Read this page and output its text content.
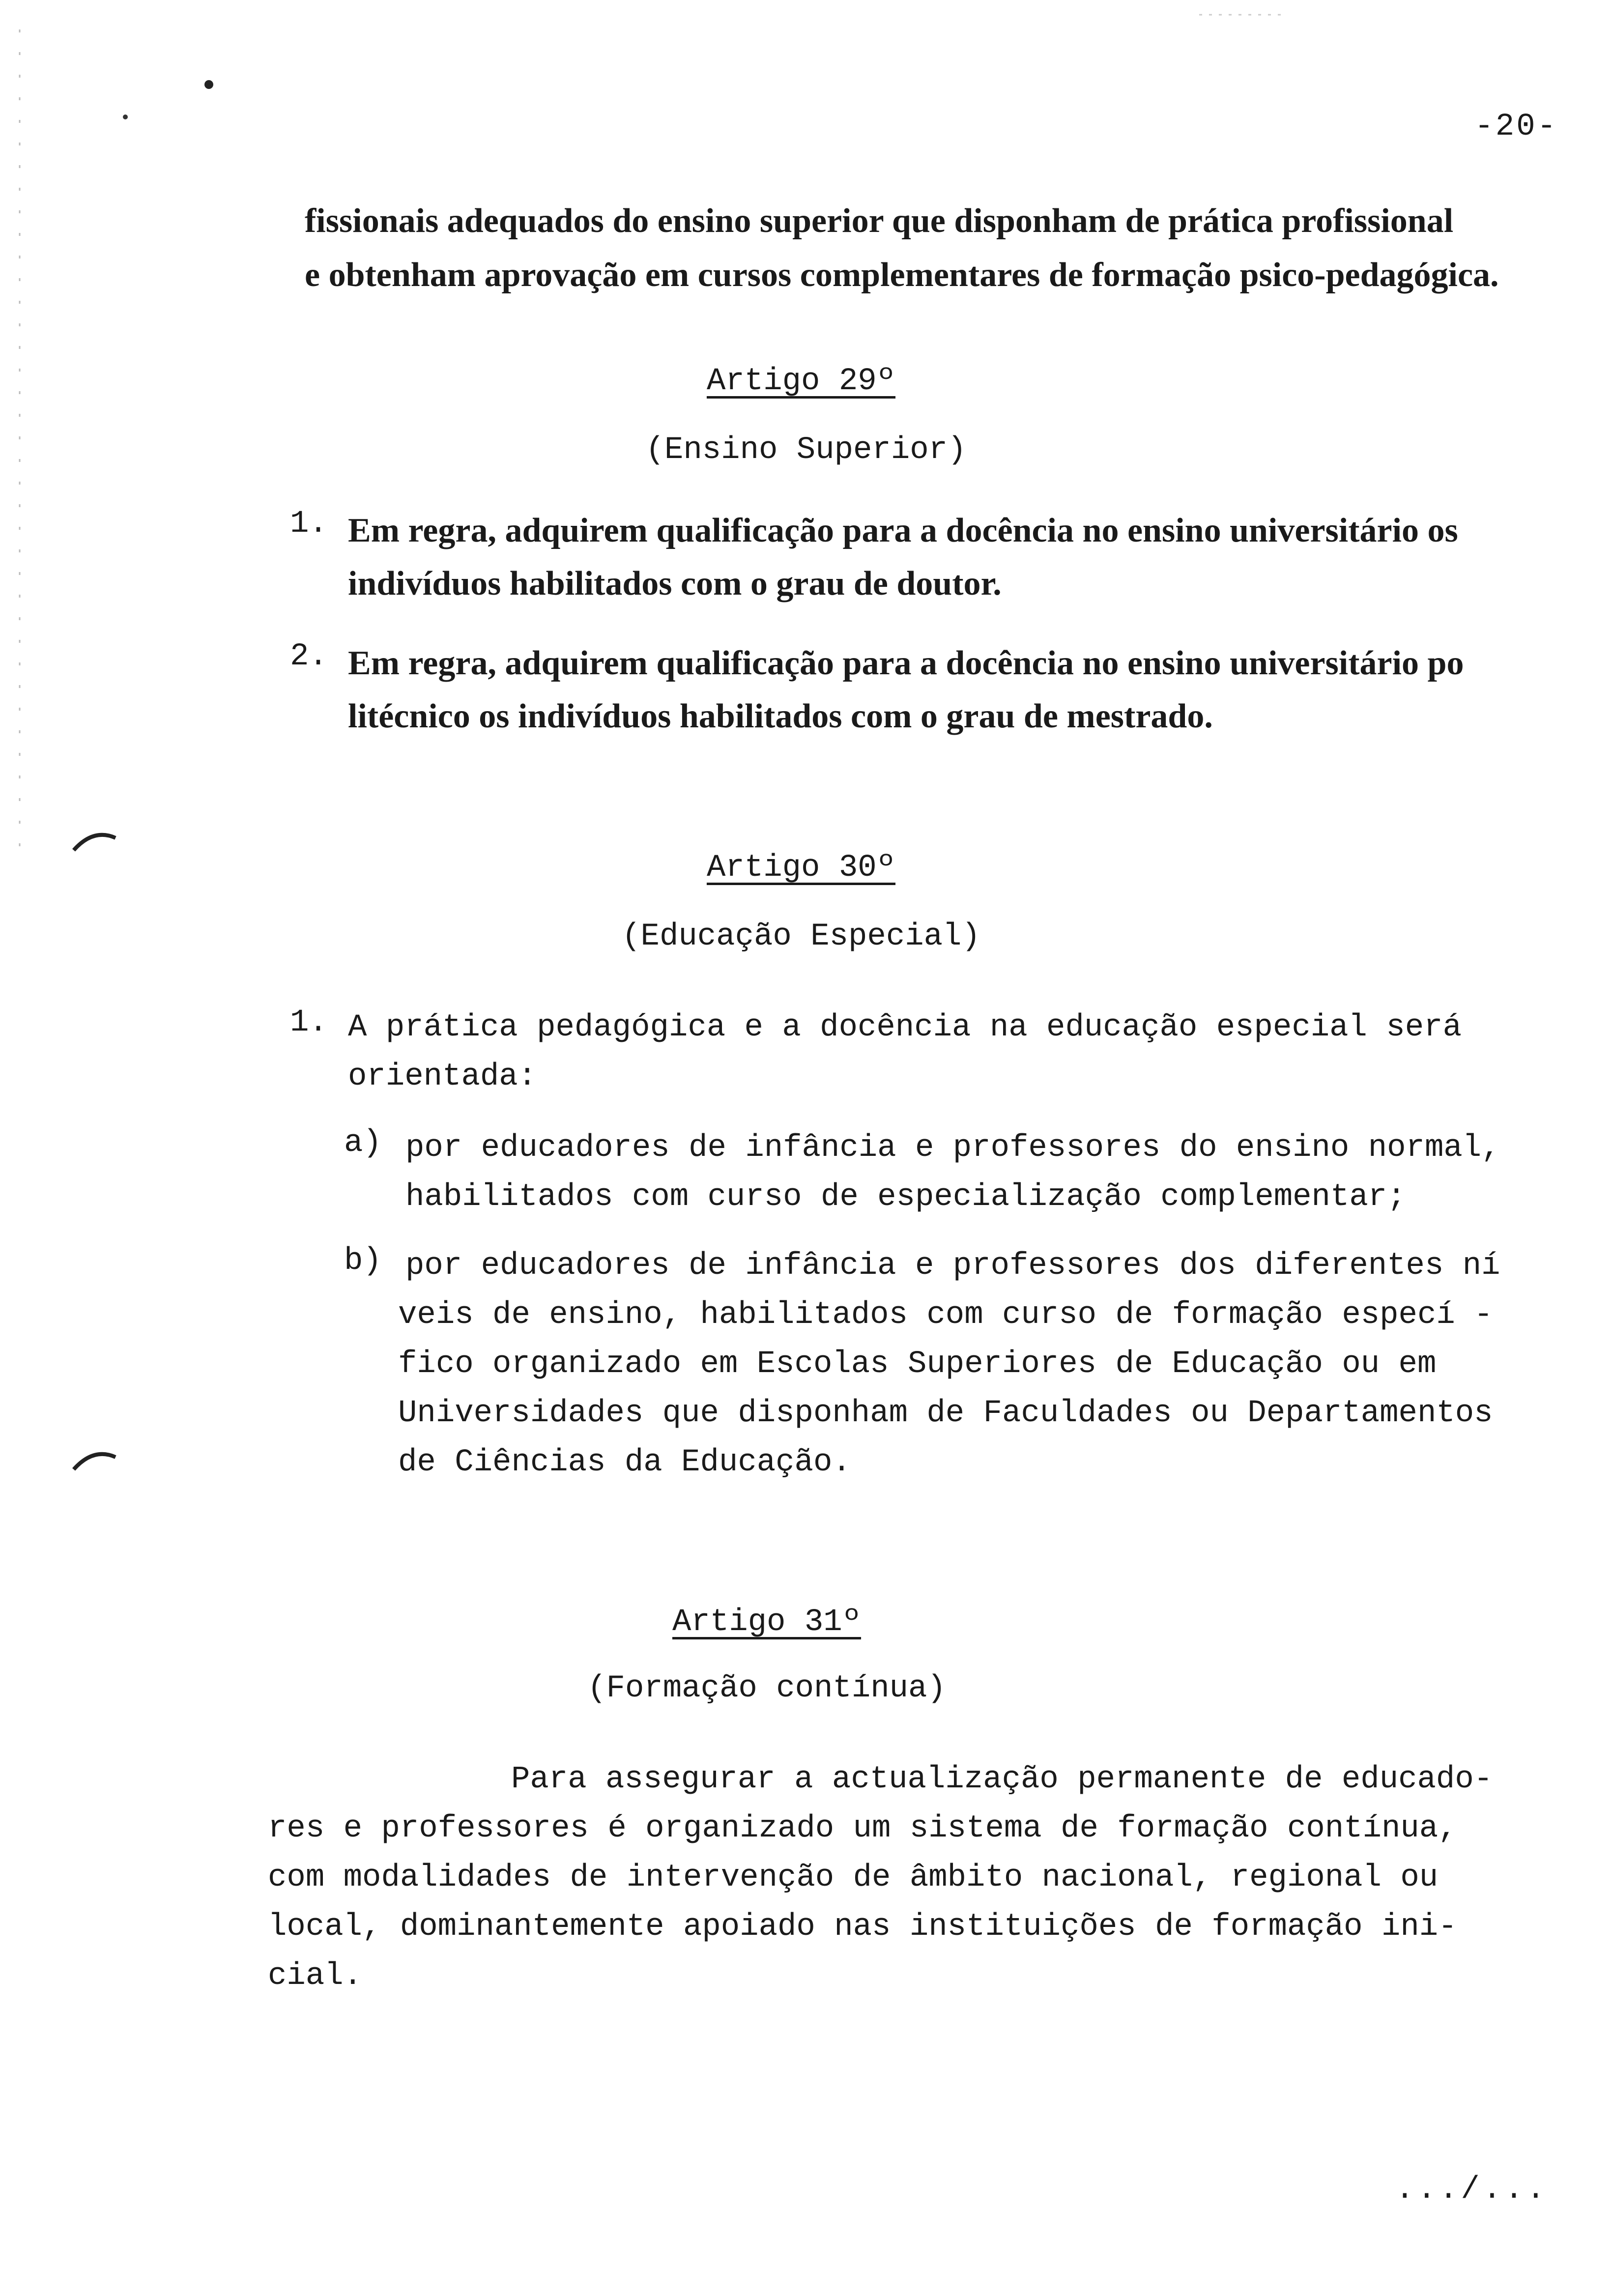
-20-
fissionais adequados do ensino superior que disponham de prática profissional
e obtenham aprovação em cursos complementares de formação psico-pedagógica.
Artigo 29º
(Ensino Superior)
1. Em regra, adquirem qualificação para a docência no ensino universitário os
indivíduos habilitados com o grau de doutor.
2. Em regra, adquirem qualificação para a docência no ensino universitário po
litécnico os indivíduos habilitados com o grau de mestrado.
Artigo 30º
(Educação Especial)
1. A prática pedagógica e a docência na educação especial será
orientada:
a) por educadores de infância e professores do ensino normal,
habilitados com curso de especialização complementar;
b) por educadores de infância e professores dos diferentes ní
veis de ensino, habilitados com curso de formação especí -
fico organizado em Escolas Superiores de Educação ou em
Universidades que disponham de Faculdades ou Departamentos
de Ciências da Educação.
Artigo 31º
(Formação contínua)
Para assegurar a actualização permanente de educado-
res e professores é organizado um sistema de formação contínua,
com modalidades de intervenção de âmbito nacional, regional ou
local, dominantemente apoiado nas instituições de formação ini-
cial.
.../...
